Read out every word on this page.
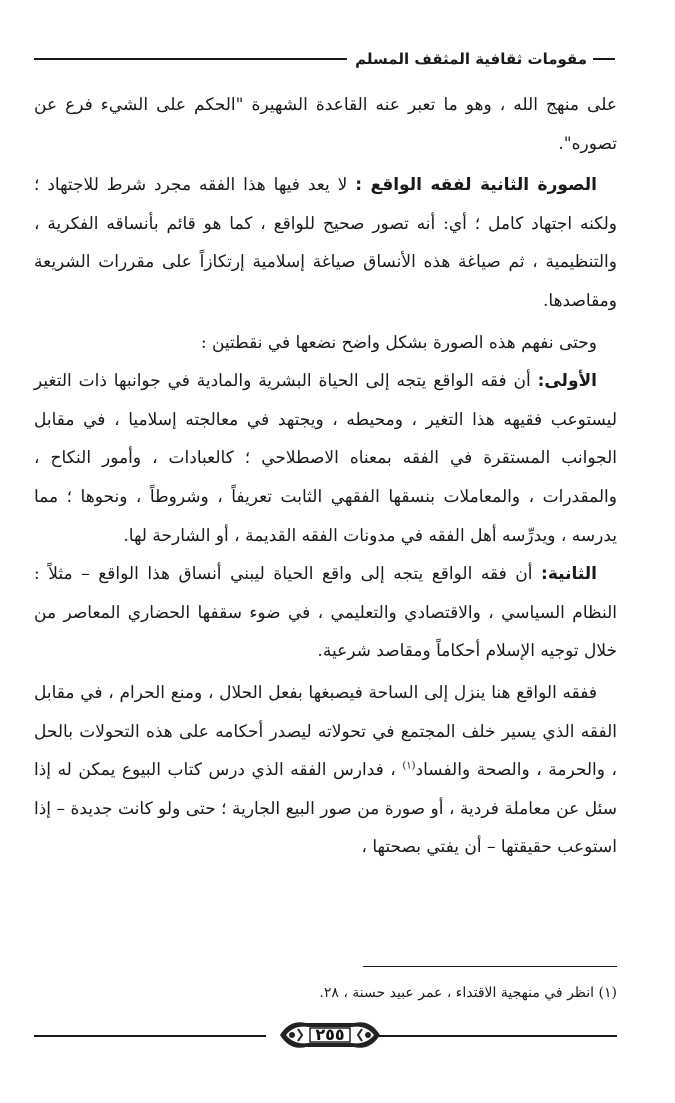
مقومات ثقافية المثقف المسلم

على منهج الله ، وهو ما تعبر عنه القاعدة الشهيرة "الحكم على الشيء فرع عن تصوره".

الصورة الثانية لفقه الواقع : لا يعد فيها هذا الفقه مجرد شرط للاجتهاد ؛ ولكنه اجتهاد كامل ؛ أي: أنه تصور صحيح للواقع ، كما هو قائم بأنساقه الفكرية ، والتنظيمية ، ثم صياغة هذه الأنساق صياغة إسلامية إرتكازاً على مقررات الشريعة ومقاصدها.

وحتى نفهم هذه الصورة بشكل واضح نضعها في نقطتين :

الأولى: أن فقه الواقع يتجه إلى الحياة البشرية والمادية في جوانبها ذات التغير ليستوعب فقيهه هذا التغير ، ومحيطه ، ويجتهد في معالجته إسلاميا ، في مقابل الجوانب المستقرة في الفقه بمعناه الاصطلاحي ؛ كالعبادات ، وأمور النكاح ، والمقدرات ، والمعاملات بنسقها الفقهي الثابت تعريفاً ، وشروطاً ، ونحوها ؛ مما يدرسه ، ويدرِّسه أهل الفقه في مدونات الفقه القديمة ، أو الشارحة لها.

الثانية: أن فقه الواقع يتجه إلى واقع الحياة ليبني أنساق هذا الواقع – مثلاً : النظام السياسي ، والاقتصادي والتعليمي ، في ضوء سقفها الحضاري المعاصر من خلال توجيه الإسلام أحكاماً ومقاصد شرعية.

ففقه الواقع هنا ينزل إلى الساحة فيصبغها بفعل الحلال ، ومنع الحرام ، في مقابل الفقه الذي يسير خلف المجتمع في تحولاته ليصدر أحكامه على هذه التحولات بالحل ، والحرمة ، والصحة والفساد$^{(١)}$ ، فدارس الفقه الذي درس كتاب البيوع يمكن له إذا سئل عن معاملة فردية ، أو صورة من صور البيع الجارية ؛ حتى ولو كانت جديدة – إذا استوعب حقيقتها – أن يفتي بصحتها ،

(١) انظر في منهجية الاقتداء ، عمر عبيد حسنة ، ٢٨.
٢٥٥
